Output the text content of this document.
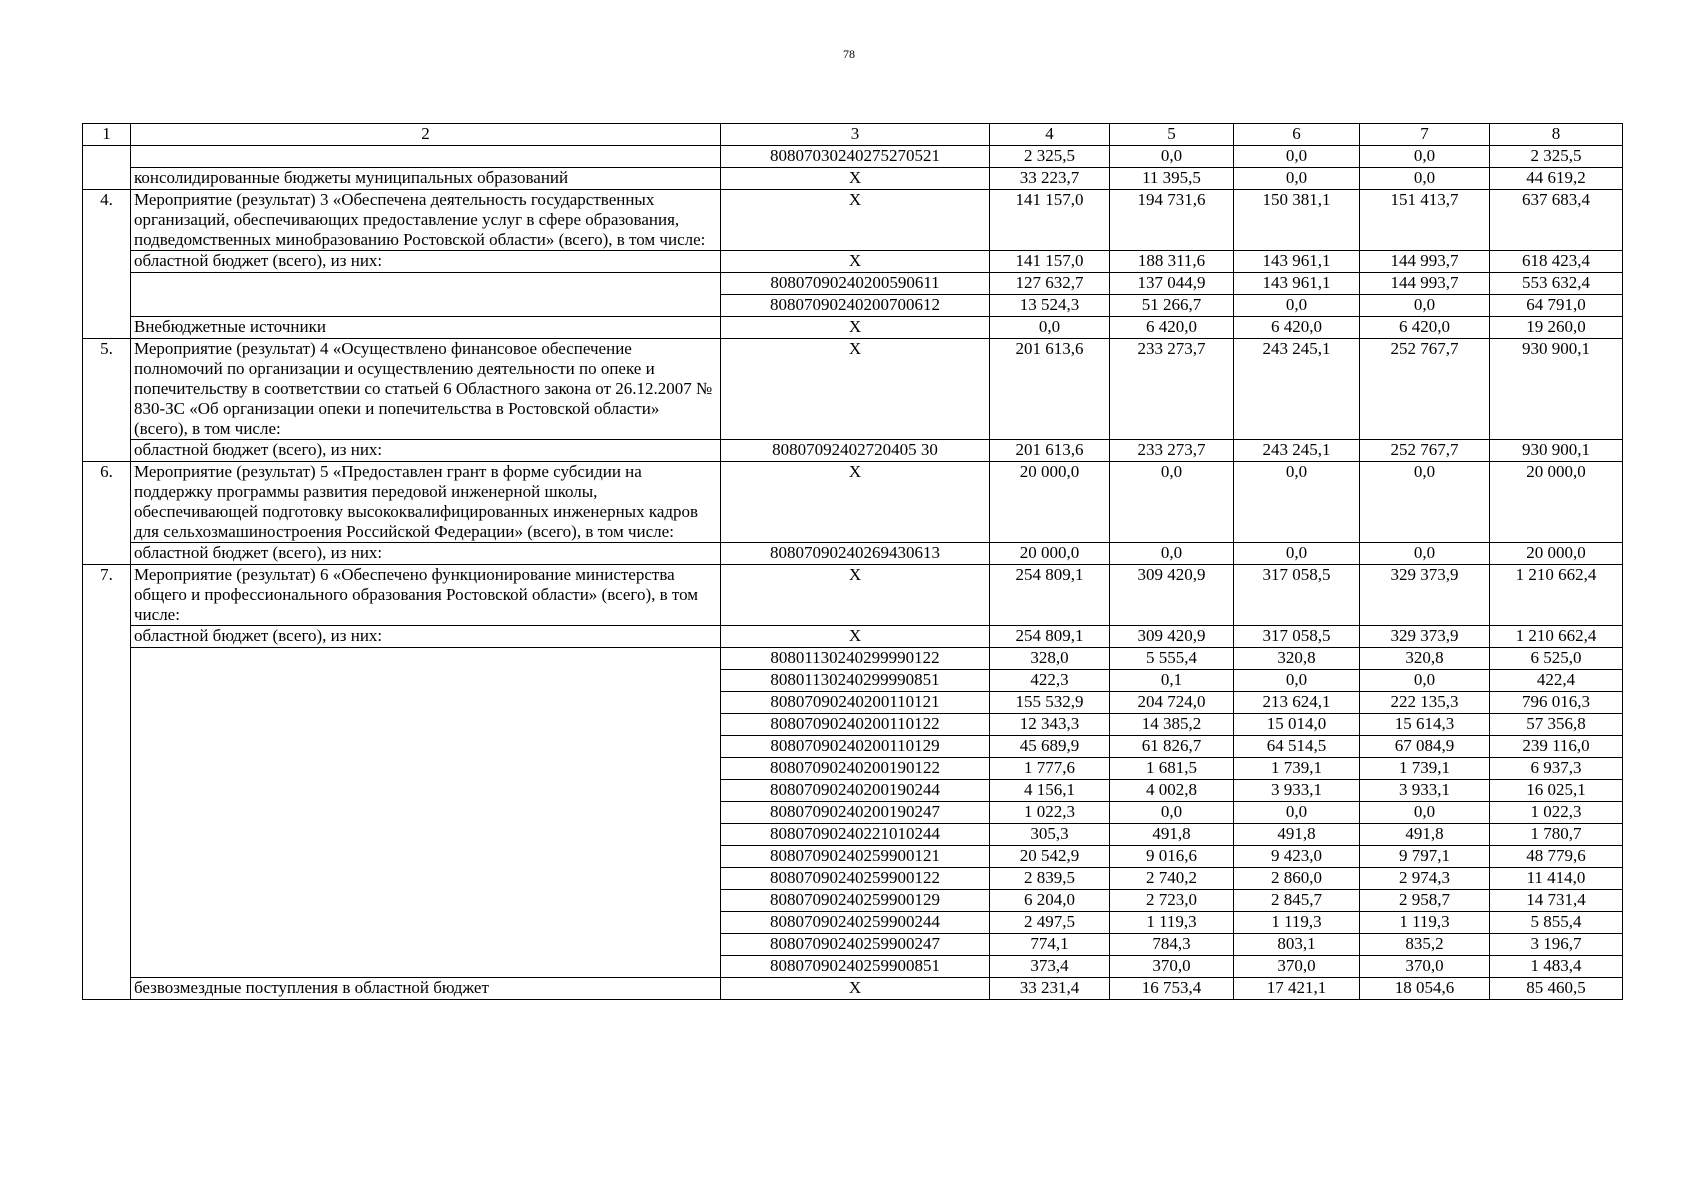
78
1	2	3	4	5	6	7	8
		80807030240275270521	2 325,5	0,0	0,0	0,0	2 325,5
	консолидированные бюджеты муниципальных образований	Х	33 223,7	11 395,5	0,0	0,0	44 619,2
4.	Мероприятие (результат) 3 «Обеспечена деятельность государственных организаций, обеспечивающих предоставление услуг в сфере образования, подведомственных минобразованию Ростовской области» (всего), в том числе:	Х	141 157,0	194 731,6	150 381,1	151 413,7	637 683,4
	областной бюджет (всего), из них:	Х	141 157,0	188 311,6	143 961,1	144 993,7	618 423,4
		80807090240200590611	127 632,7	137 044,9	143 961,1	144 993,7	553 632,4
		80807090240200700612	13 524,3	51 266,7	0,0	0,0	64 791,0
	Внебюджетные источники	Х	0,0	6 420,0	6 420,0	6 420,0	19 260,0
5.	Мероприятие (результат) 4 «Осуществлено финансовое обеспечение полномочий по организации и осуществлению деятельности по опеке и попечительству в соответствии со статьей 6 Областного закона от 26.12.2007 № 830-ЗС «Об организации опеки и попечительства в Ростовской области» (всего), в том числе:	Х	201 613,6	233 273,7	243 245,1	252 767,7	930 900,1
	областной бюджет (всего), из них:	80807092402720405 30	201 613,6	233 273,7	243 245,1	252 767,7	930 900,1
6.	Мероприятие (результат) 5 «Предоставлен грант в форме субсидии на поддержку программы развития передовой инженерной школы, обеспечивающей подготовку высококвалифицированных инженерных кадров для сельхозмашиностроения Российской Федерации» (всего), в том числе:	Х	20 000,0	0,0	0,0	0,0	20 000,0
	областной бюджет (всего), из них:	80807090240269430613	20 000,0	0,0	0,0	0,0	20 000,0
7.	Мероприятие (результат) 6 «Обеспечено функционирование министерства общего и профессионального образования Ростовской области» (всего), в том числе:	Х	254 809,1	309 420,9	317 058,5	329 373,9	1 210 662,4
	областной бюджет (всего), из них:	Х	254 809,1	309 420,9	317 058,5	329 373,9	1 210 662,4
		80801130240299990122	328,0	5 555,4	320,8	320,8	6 525,0
		80801130240299990851	422,3	0,1	0,0	0,0	422,4
		80807090240200110121	155 532,9	204 724,0	213 624,1	222 135,3	796 016,3
		80807090240200110122	12 343,3	14 385,2	15 014,0	15 614,3	57 356,8
		80807090240200110129	45 689,9	61 826,7	64 514,5	67 084,9	239 116,0
		80807090240200190122	1 777,6	1 681,5	1 739,1	1 739,1	6 937,3
		80807090240200190244	4 156,1	4 002,8	3 933,1	3 933,1	16 025,1
		80807090240200190247	1 022,3	0,0	0,0	0,0	1 022,3
		80807090240221010244	305,3	491,8	491,8	491,8	1 780,7
		80807090240259900121	20 542,9	9 016,6	9 423,0	9 797,1	48 779,6
		80807090240259900122	2 839,5	2 740,2	2 860,0	2 974,3	11 414,0
		80807090240259900129	6 204,0	2 723,0	2 845,7	2 958,7	14 731,4
		80807090240259900244	2 497,5	1 119,3	1 119,3	1 119,3	5 855,4
		80807090240259900247	774,1	784,3	803,1	835,2	3 196,7
		80807090240259900851	373,4	370,0	370,0	370,0	1 483,4
	безвозмездные поступления в областной бюджет	Х	33 231,4	16 753,4	17 421,1	18 054,6	85 460,5
